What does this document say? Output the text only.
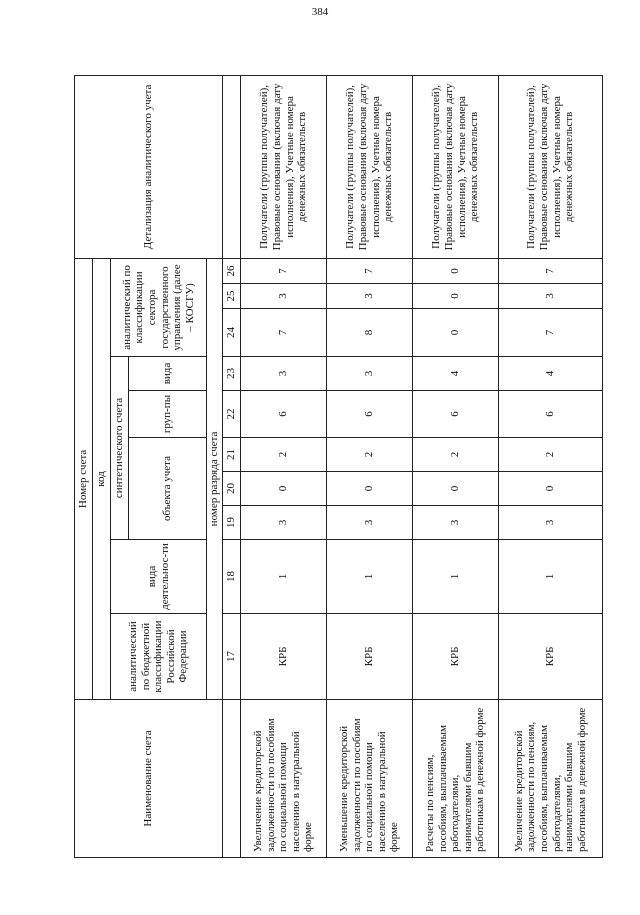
384
Наименование счета	Номер счета										Детализация аналитического учета
	код										
	аналитический по бюджетной классификации Российской Федерации	вида деятельнос-ти	синтетического счета					аналитический по классификации сектора государственного управления (далее – КОСГУ)			
			объекта учета			груп-пы	вида				
	номер разряда счета										
	17	18	19	20	21	22	23	24	25	26	
Увеличение кредиторской задолженности по пособиям по социальной помощи населению в натуральной форме	КРБ	1	3	0	2	6	3	7	3	7	Получатели (группы получателей), Правовые основания (включая дату исполнения), Учетные номера денежных обязательств
Уменьшение кредиторской задолженности по пособиям по социальной помощи населению в натуральной форме	КРБ	1	3	0	2	6	3	8	3	7	Получатели (группы получателей), Правовые основания (включая дату исполнения), Учетные номера денежных обязательств
Расчеты по пенсиям, пособиям, выплачиваемым работодателями, нанимателями бывшим работникам в денежной форме	КРБ	1	3	0	2	6	4	0	0	0	Получатели (группы получателей), Правовые основания (включая дату исполнения), Учетные номера денежных обязательств
Увеличение кредиторской задолженности по пенсиям, пособиям, выплачиваемым работодателями, нанимателями бывшим работникам в денежной форме	КРБ	1	3	0	2	6	4	7	3	7	Получатели (группы получателей), Правовые основания (включая дату исполнения), Учетные номера денежных обязательств
